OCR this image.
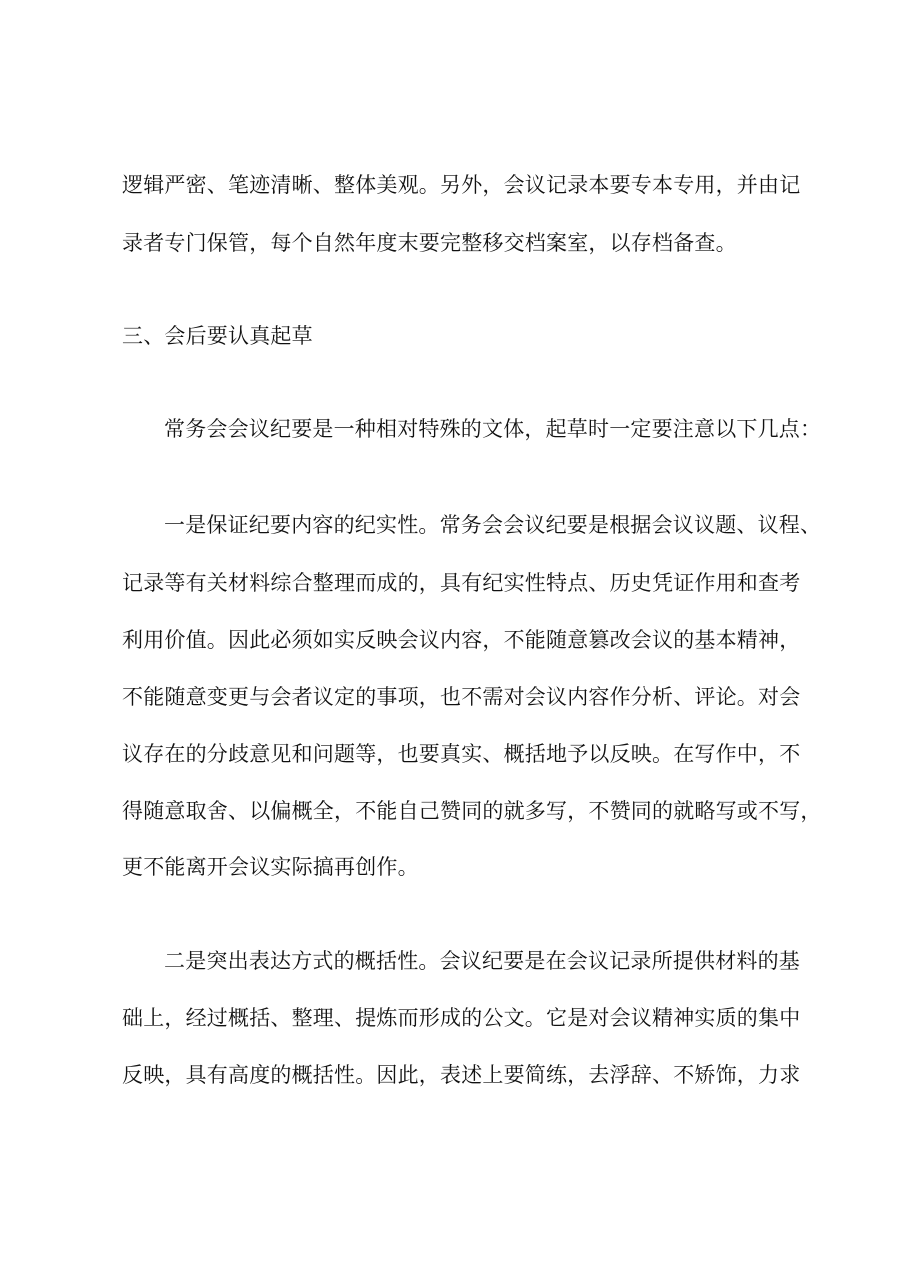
逻辑严密、笔迹清晰、整体美观。另外，会议记录本要专本专用，并由记
录者专门保管，每个自然年度末要完整移交档案室，以存档备查。
三、会后要认真起草
常务会会议纪要是一种相对特殊的文体，起草时一定要注意以下几点：
一是保证纪要内容的纪实性。常务会会议纪要是根据会议议题、议程、
记录等有关材料综合整理而成的，具有纪实性特点、历史凭证作用和查考
利用价值。因此必须如实反映会议内容，不能随意篡改会议的基本精神，
不能随意变更与会者议定的事项，也不需对会议内容作分析、评论。对会
议存在的分歧意见和问题等，也要真实、概括地予以反映。在写作中，不
得随意取舍、以偏概全，不能自己赞同的就多写，不赞同的就略写或不写，
更不能离开会议实际搞再创作。
二是突出表达方式的概括性。会议纪要是在会议记录所提供材料的基
础上，经过概括、整理、提炼而形成的公文。它是对会议精神实质的集中
反映，具有高度的概括性。因此，表述上要简练，去浮辞、不矫饰，力求
